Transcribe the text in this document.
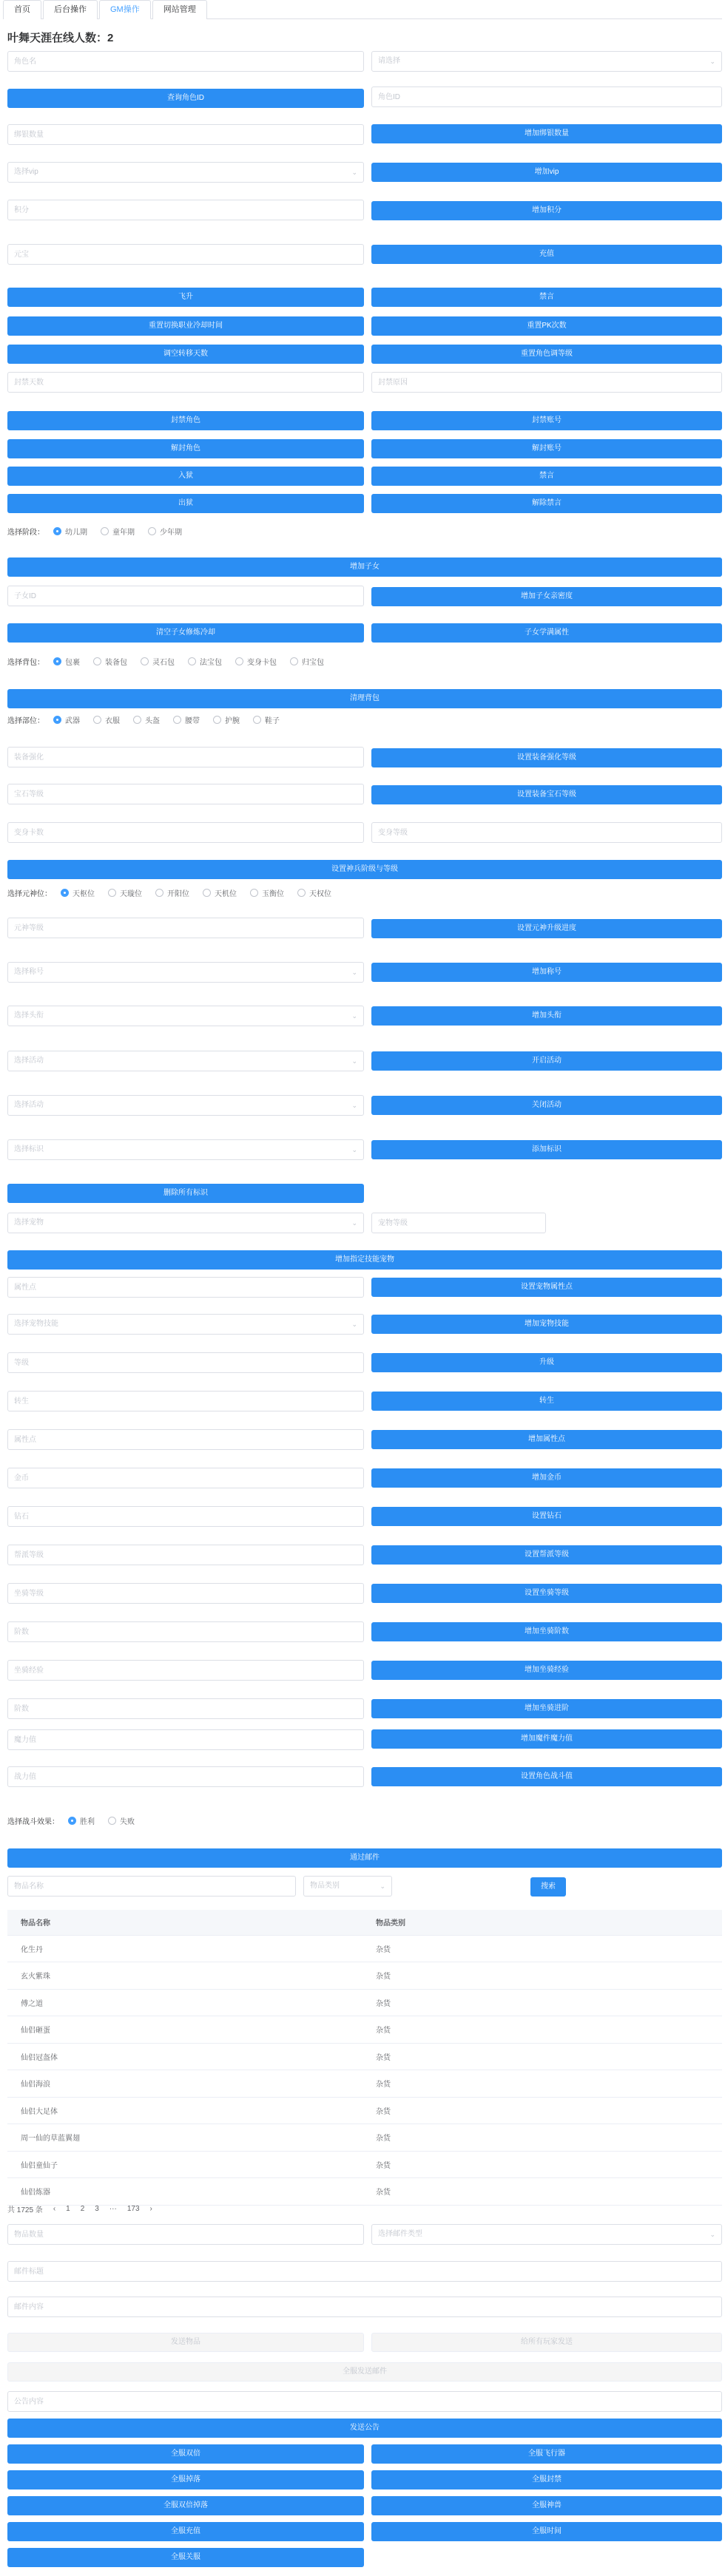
首页	后台操作	GM操作	网站管理
叶舞天涯在线人数：2
角色名
请选择	⌄
查询角色ID
角色ID
绑银数量
增加绑银数量
选择vip	⌄	增加vip
积分
增加积分
元宝
充值
飞升	禁言
重置切换职业冷却时间	重置PK次数
调空转移天数	重置角色调等级
封禁天数
封禁原因
封禁角色	封禁账号
解封角色	解封账号
入狱	禁言
出狱	解除禁言
选择阶段：	幼儿期	童年期	少年期
增加子女
子女ID
增加子女亲密度
清空子女修炼冷却	子女学满属性
选择背包：	包裹	装备包	灵石包	法宝包	变身卡包	归宝包
清理背包
选择部位：	武器	衣服	头盔	腰带	护腕	鞋子
装备强化
设置装备强化等级
宝石等级
设置装备宝石等级
变身卡数
变身等级
设置神兵阶级与等级
选择元神位：	天枢位	天璇位	开阳位	天机位	玉衡位	天权位
元神等级
设置元神升级进度
选择称号	⌄	增加称号
选择头衔	⌄	增加头衔
选择活动	⌄	开启活动
选择活动	⌄	关闭活动
选择标识	⌄	添加标识
删除所有标识
选择宠物	⌄
宠物等级
增加指定技能宠物
属性点
设置宠物属性点
选择宠物技能	⌄	增加宠物技能
等级
升级
转生
转生
属性点
增加属性点
金币
增加金币
钻石
设置钻石
帮派等级
设置帮派等级
坐骑等级
设置坐骑等级
阶数
增加坐骑阶数
坐骑经验
增加坐骑经验
阶数
增加坐骑进阶
魔力值
增加魔件魔力值
战力值
设置角色战斗值
选择战斗效果：	胜利	失败
通过邮件
物品名称
物品类别	⌄	搜索
物品名称	物品类别
化生丹	杂货
玄火紫珠	杂货
傅之道	杂货
仙侣砸蛋	杂货
仙侣冠盔体	杂货
仙侣海浪	杂货
仙侣大足体	杂货
周一仙的草蓝翼翅	杂货
仙侣童仙子	杂货
仙侣炼器	杂货
共 1725 条 ‹ 1 2 3 ··· 173 ›
物品数量
选择邮件类型	⌄
邮件标题
邮件内容
发送物品	给所有玩家发送
全服发送邮件
公告内容
发送公告
全服双倍	全服飞行器
全服掉落	全服封禁
全服双倍掉落	全服神兽
全服充值	全服时间
全服关服
